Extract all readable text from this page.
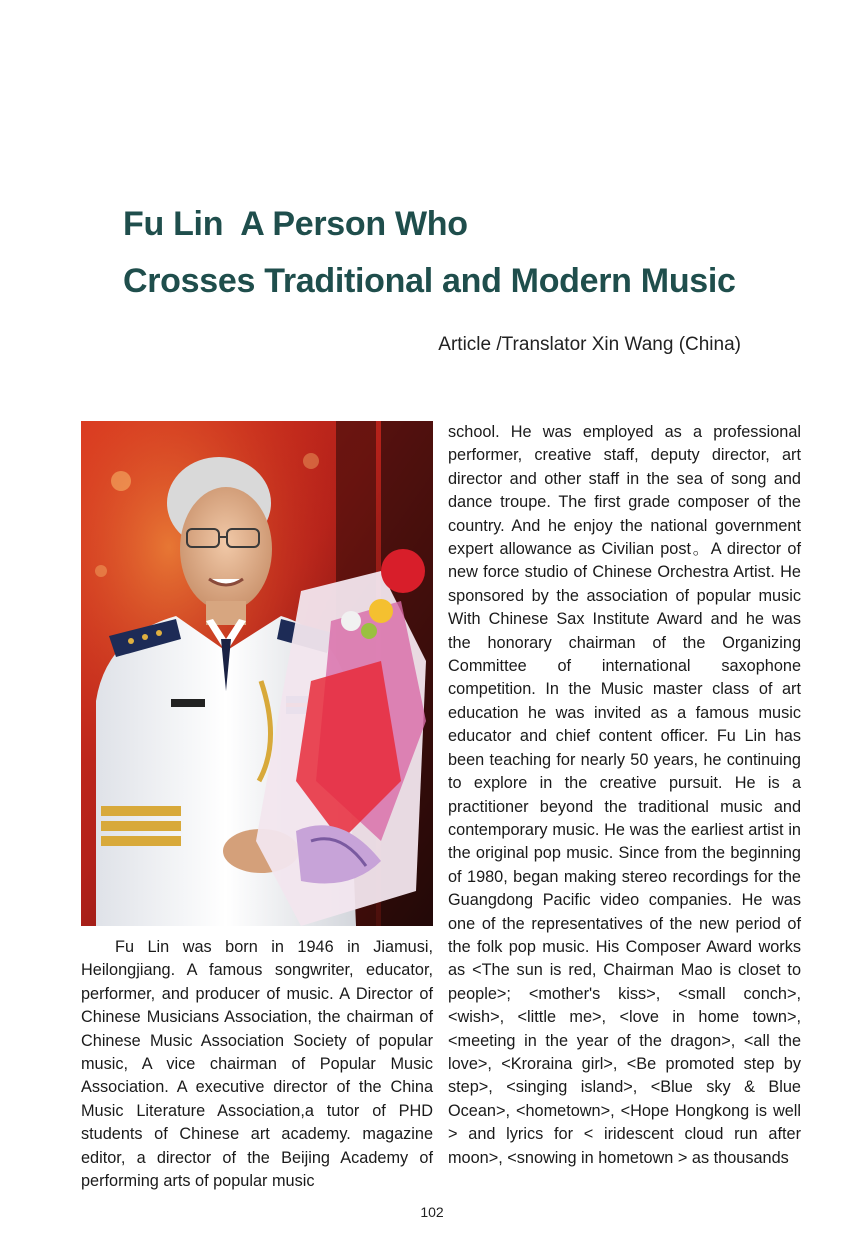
Fu Lin  A Person Who
Crosses Traditional and Modern Music
Article /Translator Xin Wang (China)

Fu Lin was born in 1946 in Jiamusi, Heilongjiang. A famous songwriter, educator, performer, and producer of music. A Director of Chinese Musicians Association, the chairman of Chinese Music Association Society of popular music, A vice chairman of Popular Music Association. A executive director of the China Music Literature Association,a tutor of PHD students of Chinese art academy. magazine editor, a director of the Beijing Academy of performing arts of popular music

school. He was employed as a professional performer, creative staff, deputy director, art director and other staff in the sea of song and dance troupe. The first grade composer of the country. And he enjoy the national government expert allowance as Civilian post。A director of new force studio of Chinese Orchestra Artist. He sponsored by the association of popular music With Chinese Sax Institute Award and he was the honorary chairman of the Organizing Committee of international saxophone competition. In the Music master class of art education he was invited as a famous music educator and chief content officer. Fu Lin has been teaching for nearly 50 years, he continuing to explore in the creative pursuit. He is a practitioner beyond the traditional music and contemporary music. He was the earliest artist in the original pop music. Since from the beginning of 1980, began making stereo recordings for the Guangdong Pacific video companies. He was one of the representatives of the new period of the folk pop music. His Composer Award works as <The sun is red, Chairman Mao is closet to people>; <mother's kiss>, <small conch>, <wish>, <little me>, <love in home town>, <meeting in the year of the dragon>, <all the love>, <Kroraina girl>, <Be promoted step by step>, <singing island>, <Blue sky & Blue Ocean>, <hometown>, <Hope Hongkong is well > and lyrics for < iridescent cloud run after moon>, <snowing in hometown > as thousands

102
